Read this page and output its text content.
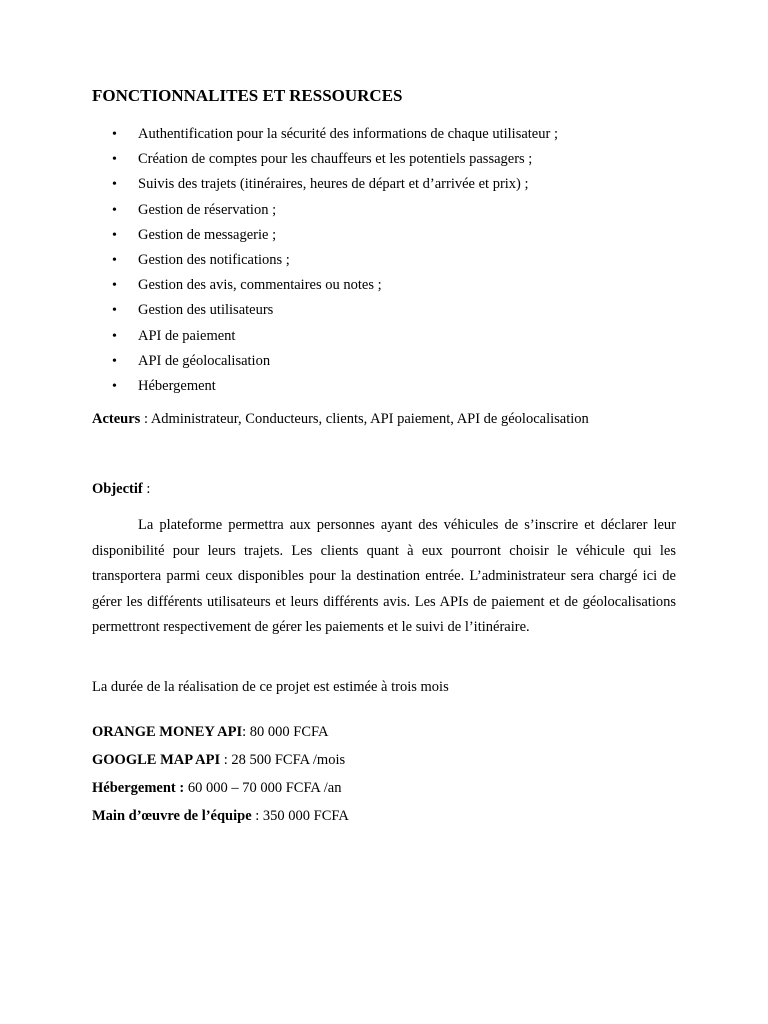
FONCTIONNALITES ET RESSOURCES
• Authentification pour la sécurité des informations de chaque utilisateur ;
• Création de comptes pour les chauffeurs et les potentiels passagers ;
• Suivis des trajets (itinéraires, heures de départ et d’arrivée et prix) ;
• Gestion de réservation ;
• Gestion de messagerie ;
• Gestion des notifications ;
• Gestion des avis, commentaires ou notes ;
• Gestion des utilisateurs
• API de paiement
• API de géolocalisation
• Hébergement

Acteurs : Administrateur, Conducteurs, clients, API paiement, API de géolocalisation

Objectif :

La plateforme permettra aux personnes ayant des véhicules de s’inscrire et déclarer leur disponibilité pour leurs trajets. Les clients quant à eux pourront choisir le véhicule qui les transportera parmi ceux disponibles pour la destination entrée. L’administrateur sera chargé ici de gérer les différents utilisateurs et leurs différents avis. Les APIs de paiement et de géolocalisations permettront respectivement de gérer les paiements et le suivi de l’itinéraire.

La durée de la réalisation de ce projet est estimée à trois mois

ORANGE MONEY API: 80 000 FCFA

GOOGLE MAP API : 28 500 FCFA /mois

Hébergement : 60 000 – 70 000 FCFA /an

Main d’œuvre de l’équipe : 350 000 FCFA
